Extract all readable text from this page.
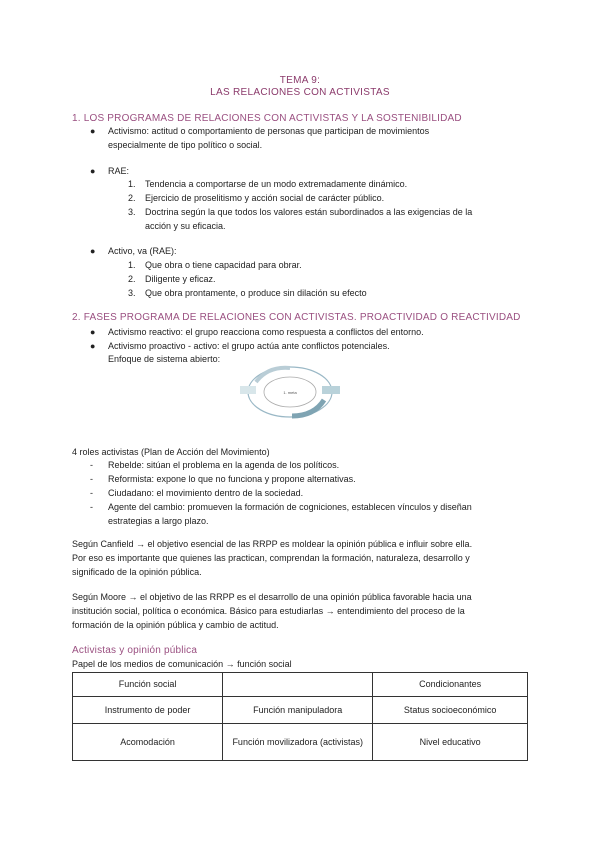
TEMA 9:
LAS RELACIONES CON ACTIVISTAS
1. LOS PROGRAMAS DE RELACIONES CON ACTIVISTAS Y LA SOSTENIBILIDAD
● Activismo: actitud o comportamiento de personas que participan de movimientos
especialmente de tipo político o social.
● RAE:
1. Tendencia a comportarse de un modo extremadamente dinámico.
2. Ejercicio de proselitismo y acción social de carácter público.
3. Doctrina según la que todos los valores están subordinados a las exigencias de la
acción y su eficacia.
● Activo, va (RAE):
1. Que obra o tiene capacidad para obrar.
2. Diligente y eficaz.
3. Que obra prontamente, o produce sin dilación su efecto
2. FASES PROGRAMA DE RELACIONES CON ACTIVISTAS. PROACTIVIDAD O REACTIVIDAD
● Activismo reactivo: el grupo reacciona como respuesta a conflictos del entorno.
● Activismo proactivo - activo: el grupo actúa ante conflictos potenciales.
Enfoque de sistema abierto:
1. meta
4 roles activistas (Plan de Acción del Movimiento)
- Rebelde: sitúan el problema en la agenda de los políticos.
- Reformista: expone lo que no funciona y propone alternativas.
- Ciudadano: el movimiento dentro de la sociedad.
- Agente del cambio: promueven la formación de cogniciones, establecen vínculos y diseñan
estrategias a largo plazo.
Según Canfield → el objetivo esencial de las RRPP es moldear la opinión pública e influir sobre ella.
Por eso es importante que quienes las practican, comprendan la formación, naturaleza, desarrollo y
significado de la opinión pública.
Según Moore → el objetivo de las RRPP es el desarrollo de una opinión pública favorable hacia una
institución social, política o económica. Básico para estudiarlas → entendimiento del proceso de la
formación de la opinión pública y cambio de actitud.
Activistas y opinión pública
Papel de los medios de comunicación → función social
Función social		Condicionantes
Instrumento de poder	Función manipuladora	Status socioeconómico
Acomodación	Función movilizadora (activistas)	Nivel educativo
